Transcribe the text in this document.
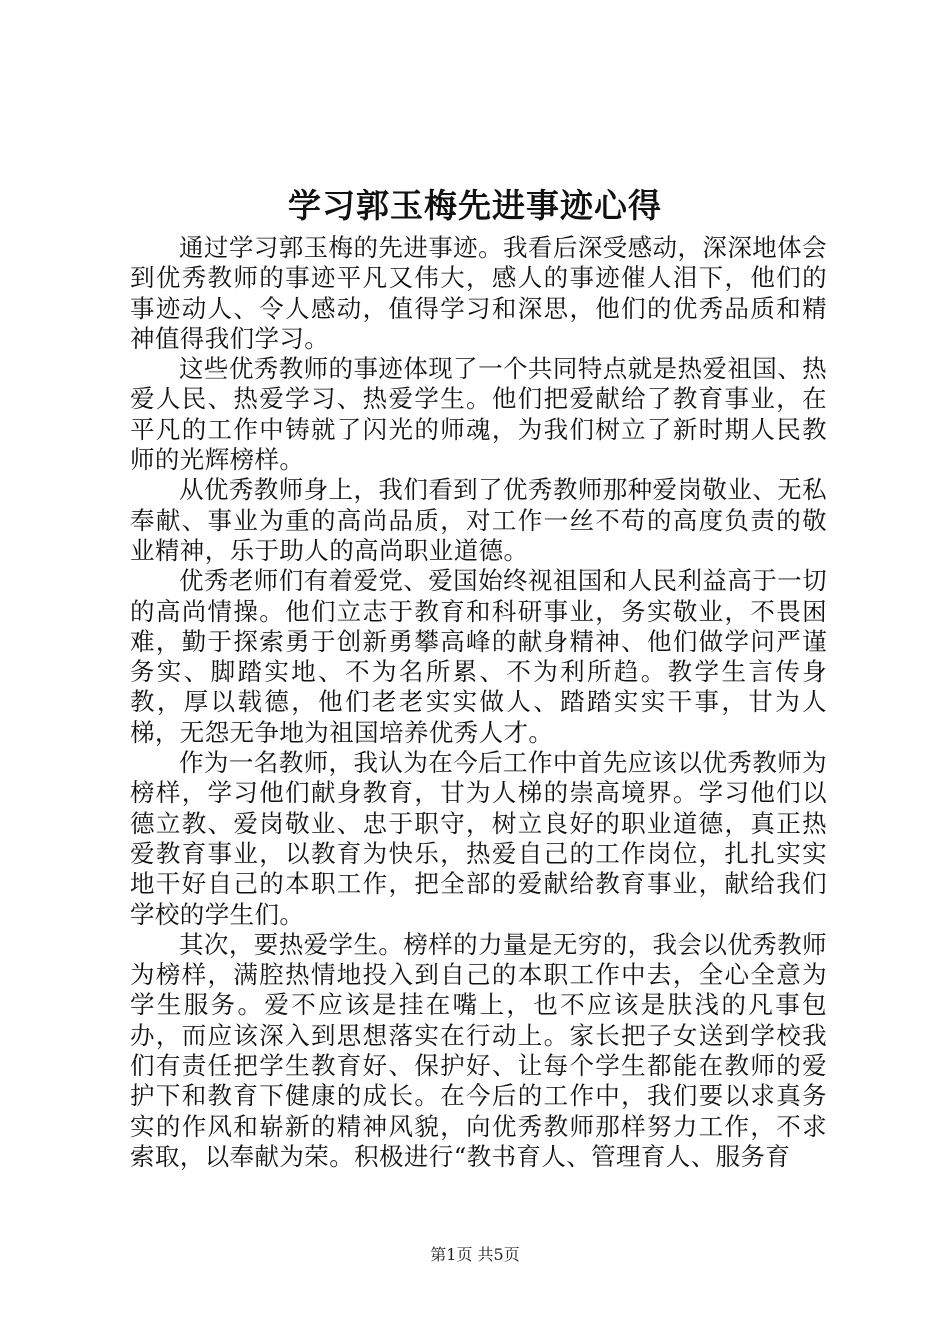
学习郭玉梅先进事迹心得

通过学习郭玉梅的先进事迹。我看后深受感动，深深地体会到优秀教师的事迹平凡又伟大，感人的事迹催人泪下，他们的事迹动人、令人感动，值得学习和深思，他们的优秀品质和精神值得我们学习。

这些优秀教师的事迹体现了一个共同特点就是热爱祖国、热爱人民、热爱学习、热爱学生。他们把爱献给了教育事业，在平凡的工作中铸就了闪光的师魂，为我们树立了新时期人民教师的光辉榜样。

从优秀教师身上，我们看到了优秀教师那种爱岗敬业、无私奉献、事业为重的高尚品质，对工作一丝不苟的高度负责的敬业精神，乐于助人的高尚职业道德。

优秀老师们有着爱党、爱国始终视祖国和人民利益高于一切的高尚情操。他们立志于教育和科研事业，务实敬业，不畏困难，勤于探索勇于创新勇攀高峰的献身精神、他们做学问严谨务实、脚踏实地、不为名所累、不为利所趋。教学生言传身教，厚以载德，他们老老实实做人、踏踏实实干事，甘为人梯，无怨无争地为祖国培养优秀人才。

作为一名教师，我认为在今后工作中首先应该以优秀教师为榜样，学习他们献身教育，甘为人梯的崇高境界。学习他们以德立教、爱岗敬业、忠于职守，树立良好的职业道德，真正热爱教育事业，以教育为快乐，热爱自己的工作岗位，扎扎实实地干好自己的本职工作，把全部的爱献给教育事业，献给我们学校的学生们。

其次，要热爱学生。榜样的力量是无穷的，我会以优秀教师为榜样，满腔热情地投入到自己的本职工作中去，全心全意为学生服务。爱不应该是挂在嘴上，也不应该是肤浅的凡事包办，而应该深入到思想落实在行动上。家长把子女送到学校我们有责任把学生教育好、保护好、让每个学生都能在教师的爱护下和教育下健康的成长。在今后的工作中，我们要以求真务实的作风和崭新的精神风貌，向优秀教师那样努力工作，不求索取，以奉献为荣。积极进行“教书育人、管理育人、服务育

第1页 共5页
